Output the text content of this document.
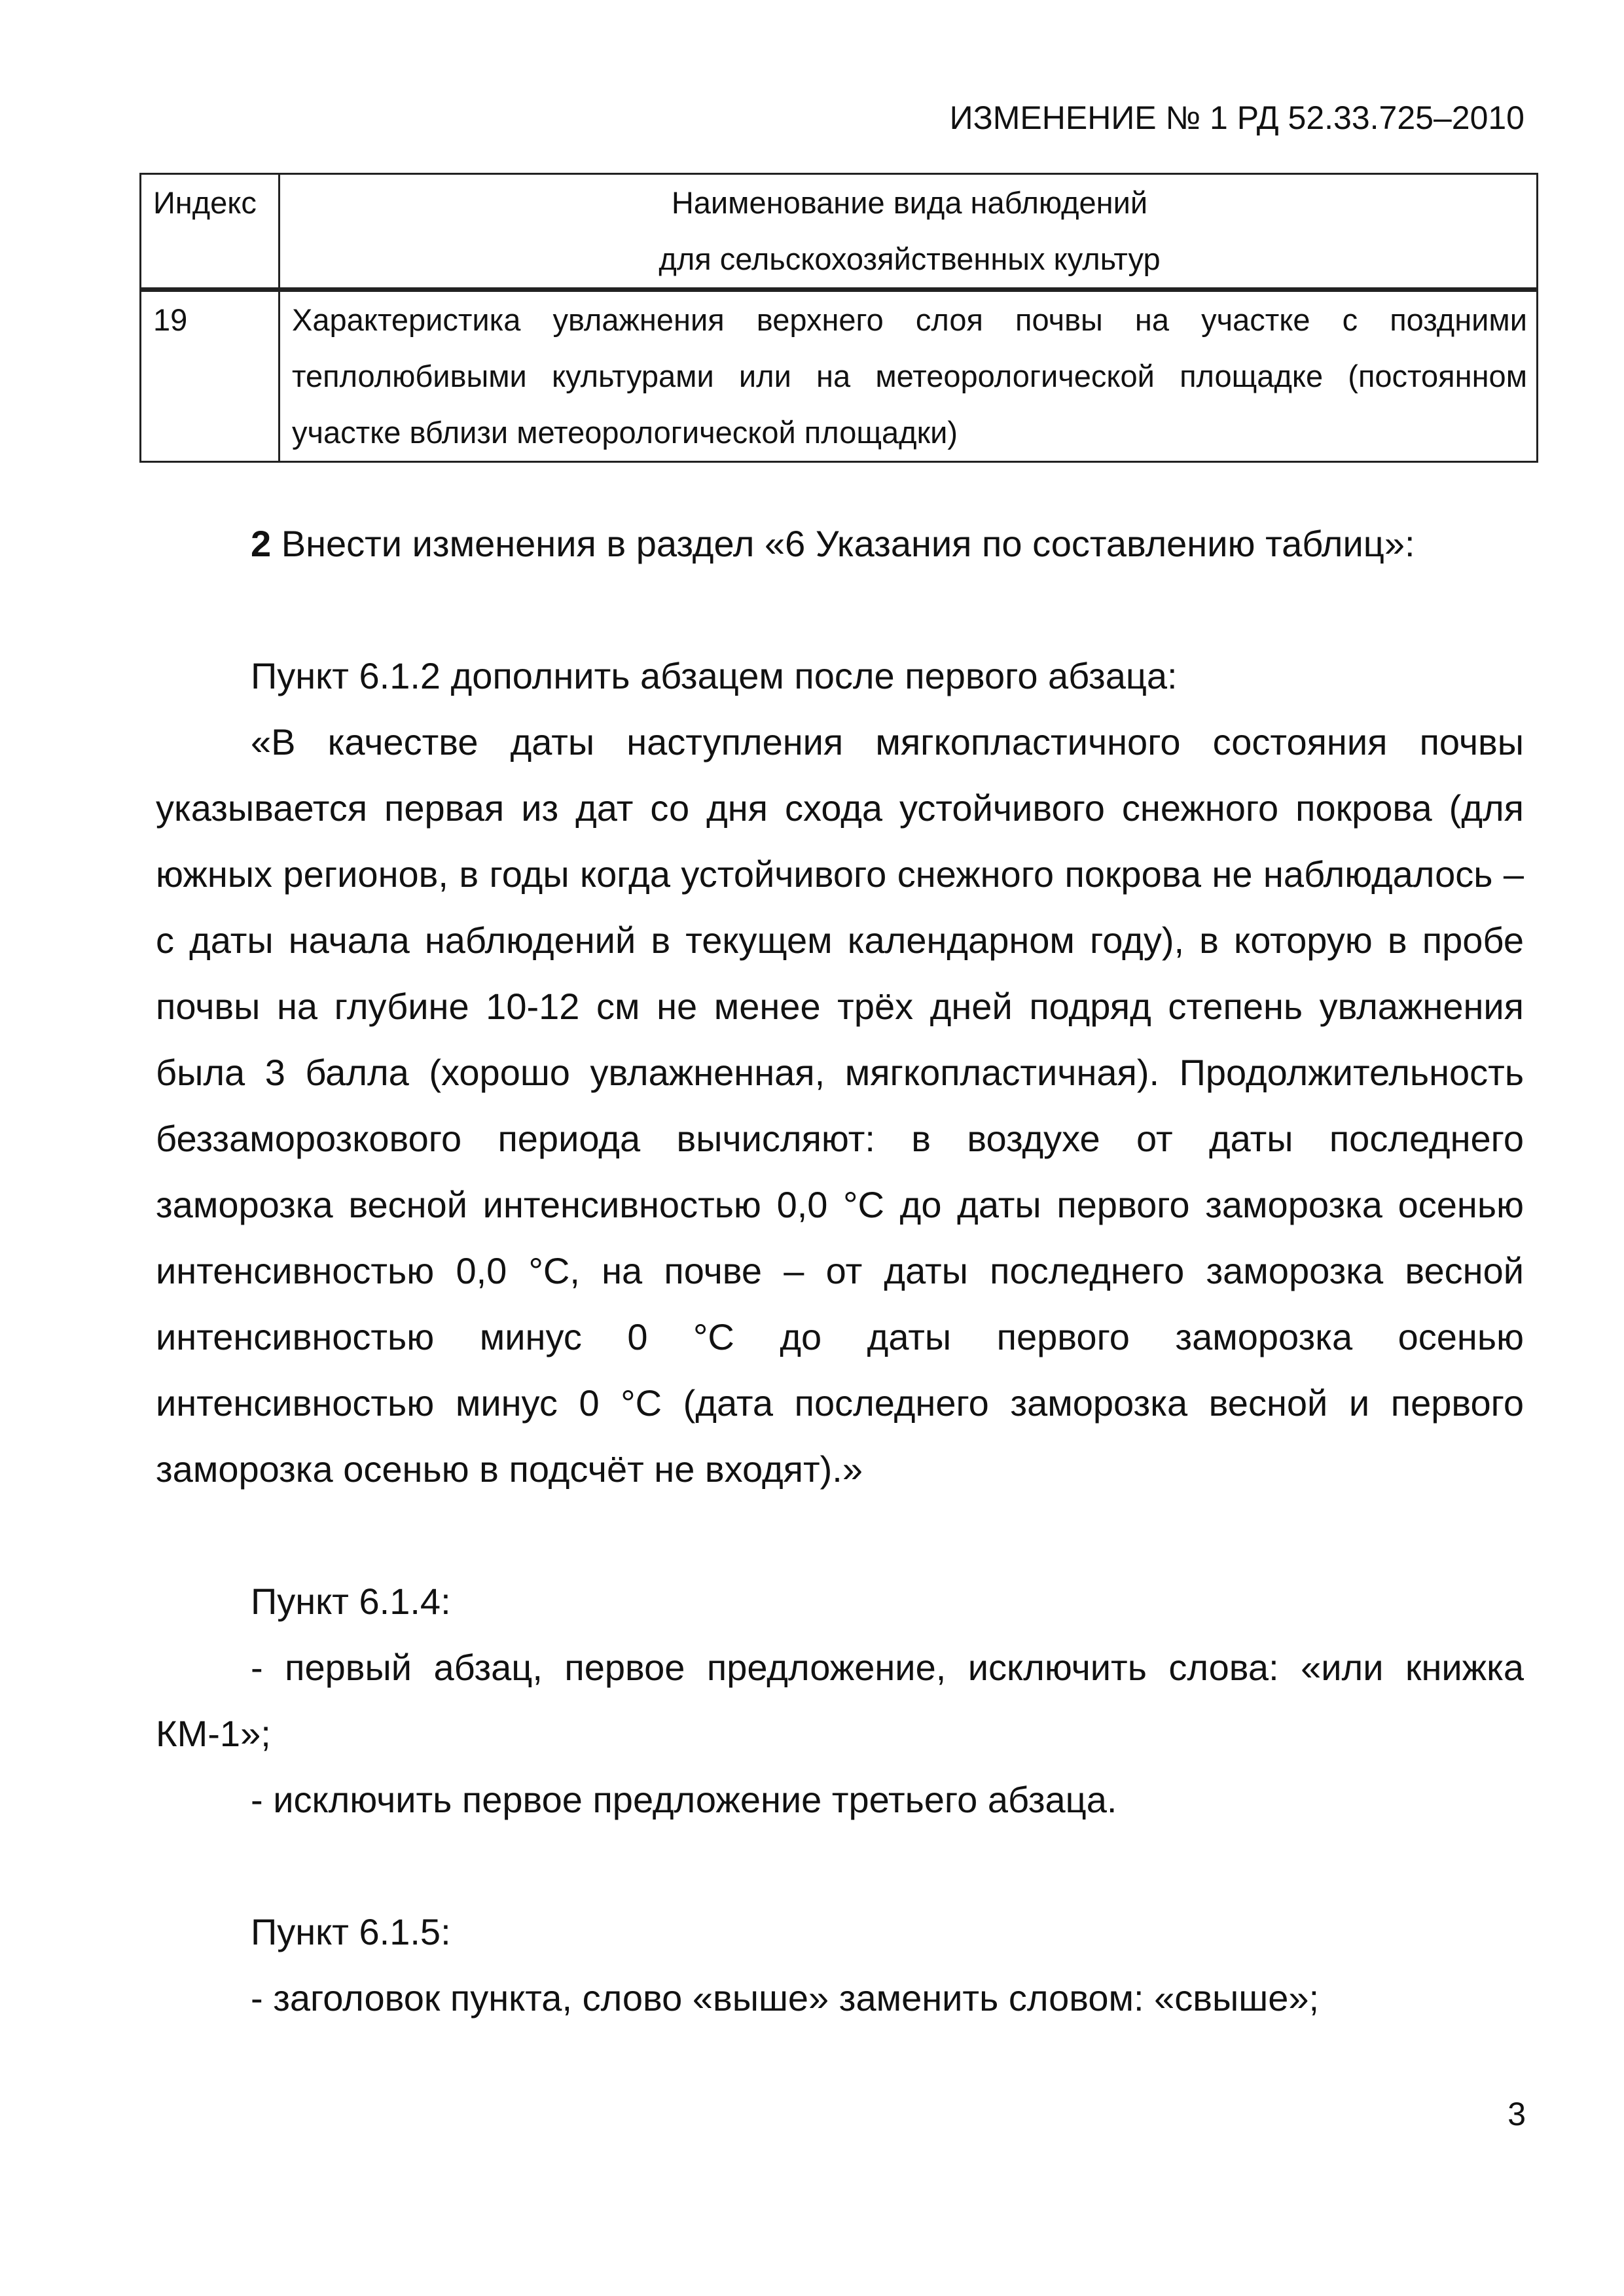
ИЗМЕНЕНИЕ № 1 РД 52.33.725–2010
Индекс	Наименование вида наблюдений
для сельскохозяйственных культур

19	Характеристика увлажнения верхнего слоя почвы на участке с поздними теплолюбивыми культурами или на метеорологической площадке (постоянном участке вблизи метеорологической площадки)

2 Внести изменения в раздел «6 Указания по составлению таблиц»:

Пункт 6.1.2 дополнить абзацем после первого абзаца:

«В качестве даты наступления мягкопластичного состояния почвы указывается первая из дат со дня схода устойчивого снежного покрова (для южных регионов, в годы когда устойчивого снежного покрова не наблюдалось – с даты начала наблюдений в текущем календарном году), в которую в пробе почвы на глубине 10-12 см не менее трёх дней подряд степень увлажнения была 3 балла (хорошо увлажненная, мягкопластичная). Продолжительность беззаморозкового периода вычисляют: в воздухе от даты последнего заморозка весной интенсивностью 0,0 °С до даты первого заморозка осенью интенсивностью 0,0 °С, на почве – от даты последнего заморозка весной интенсивностью минус 0 °С до даты первого заморозка осенью интенсивностью минус 0 °С (дата последнего заморозка весной и первого заморозка осенью в подсчёт не входят).»

Пункт 6.1.4:

- первый абзац, первое предложение, исключить слова: «или книжка КМ-1»;

- исключить первое предложение третьего абзаца.

Пункт 6.1.5:

- заголовок пункта, слово «выше» заменить словом: «свыше»;

3
